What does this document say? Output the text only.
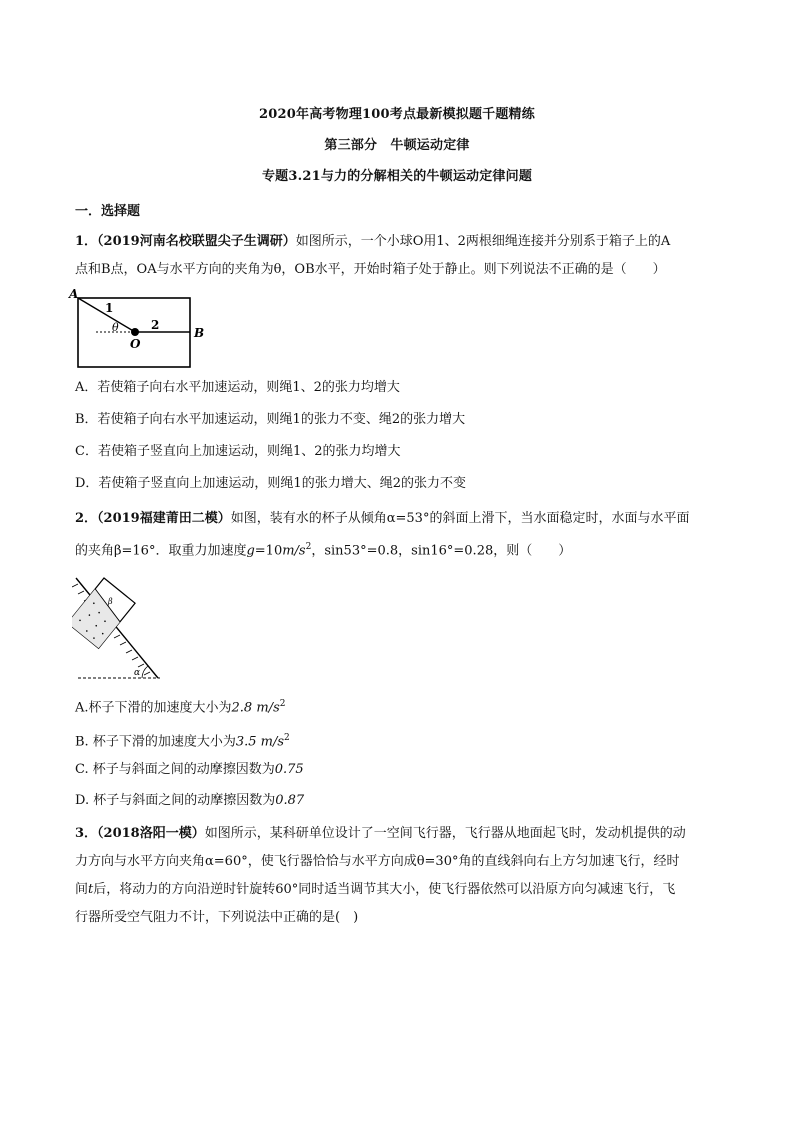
2020年高考物理100考点最新模拟题千题精练
第三部分　牛顿运动定律
专题3.21与力的分解相关的牛顿运动定律问题
一．选择题
1．（2019河南名校联盟尖子生调研）如图所示，一个小球O用1、2两根细绳连接并分别系于箱子上的A
点和B点，OA与水平方向的夹角为θ，OB水平，开始时箱子处于静止。则下列说法不正确的是（　　）
A
B
O
1
2
θ
A．若使箱子向右水平加速运动，则绳1、2的张力均增大
B．若使箱子向右水平加速运动，则绳1的张力不变、绳2的张力增大
C．若使箱子竖直向上加速运动，则绳1、2的张力均增大
D．若使箱子竖直向上加速运动，则绳1的张力增大、绳2的张力不变
2．（2019福建莆田二模）如图，装有水的杯子从倾角α=53°的斜面上滑下，当水面稳定时，水面与水平面
的夹角β=16°．取重力加速度$g=10m/s^2$，sin53°=0.8，sin16°=0.28，则（　　）
α
β
A.杯子下滑的加速度大小为2.8 $m/s^2$
B. 杯子下滑的加速度大小为3.5 $m/s^2$
C. 杯子与斜面之间的动摩擦因数为0.75
D. 杯子与斜面之间的动摩擦因数为0.87
3．（2018洛阳一模）如图所示，某科研单位设计了一空间飞行器，飞行器从地面起飞时，发动机提供的动
力方向与水平方向夹角α=60°，使飞行器恰恰与水平方向成θ=30°角的直线斜向右上方匀加速飞行，经时
间t后，将动力的方向沿逆时针旋转60°同时适当调节其大小，使飞行器依然可以沿原方向匀减速飞行，飞
行器所受空气阻力不计，下列说法中正确的是(　)
